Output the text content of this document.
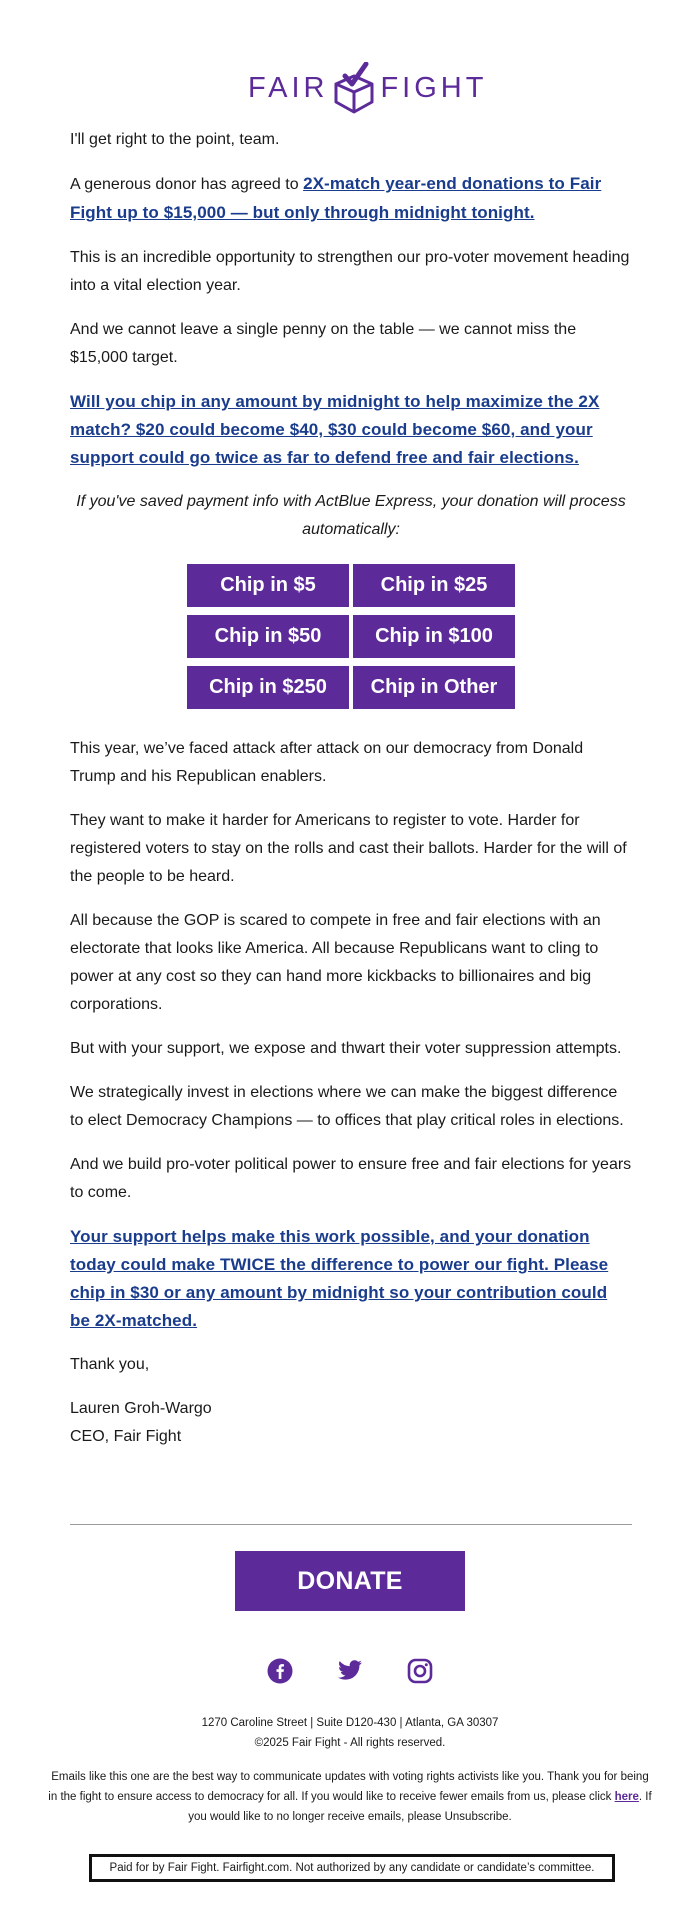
FAIR FIGHT

I'll get right to the point, team.

A generous donor has agreed to 2X-match year-end donations to Fair Fight up to $15,000 — but only through midnight tonight.

This is an incredible opportunity to strengthen our pro-voter movement heading into a vital election year.

And we cannot leave a single penny on the table — we cannot miss the $15,000 target.

Will you chip in any amount by midnight to help maximize the 2X match? $20 could become $40, $30 could become $60, and your support could go twice as far to defend free and fair elections.

If you've saved payment info with ActBlue Express, your donation will process automatically:

Chip in $5	Chip in $25
Chip in $50	Chip in $100
Chip in $250	Chip in Other

This year, we’ve faced attack after attack on our democracy from Donald Trump and his Republican enablers.

They want to make it harder for Americans to register to vote. Harder for registered voters to stay on the rolls and cast their ballots. Harder for the will of the people to be heard.

All because the GOP is scared to compete in free and fair elections with an electorate that looks like America. All because Republicans want to cling to power at any cost so they can hand more kickbacks to billionaires and big corporations.

But with your support, we expose and thwart their voter suppression attempts.

We strategically invest in elections where we can make the biggest difference to elect Democracy Champions — to offices that play critical roles in elections.

And we build pro-voter political power to ensure free and fair elections for years to come.

Your support helps make this work possible, and your donation today could make TWICE the difference to power our fight. Please chip in $30 or any amount by midnight so your contribution could be 2X-matched.

Thank you,

Lauren Groh-Wargo

CEO, Fair Fight

DONATE
1270 Caroline Street | Suite D120-430 | Atlanta, GA 30307
©2025 Fair Fight - All rights reserved.
Emails like this one are the best way to communicate updates with voting rights activists like you. Thank you for being in the fight to ensure access to democracy for all. If you would like to receive fewer emails from us, please click here. If you would like to no longer receive emails, please Unsubscribe.
Paid for by Fair Fight. Fairfight.com. Not authorized by any candidate or candidate’s committee.
